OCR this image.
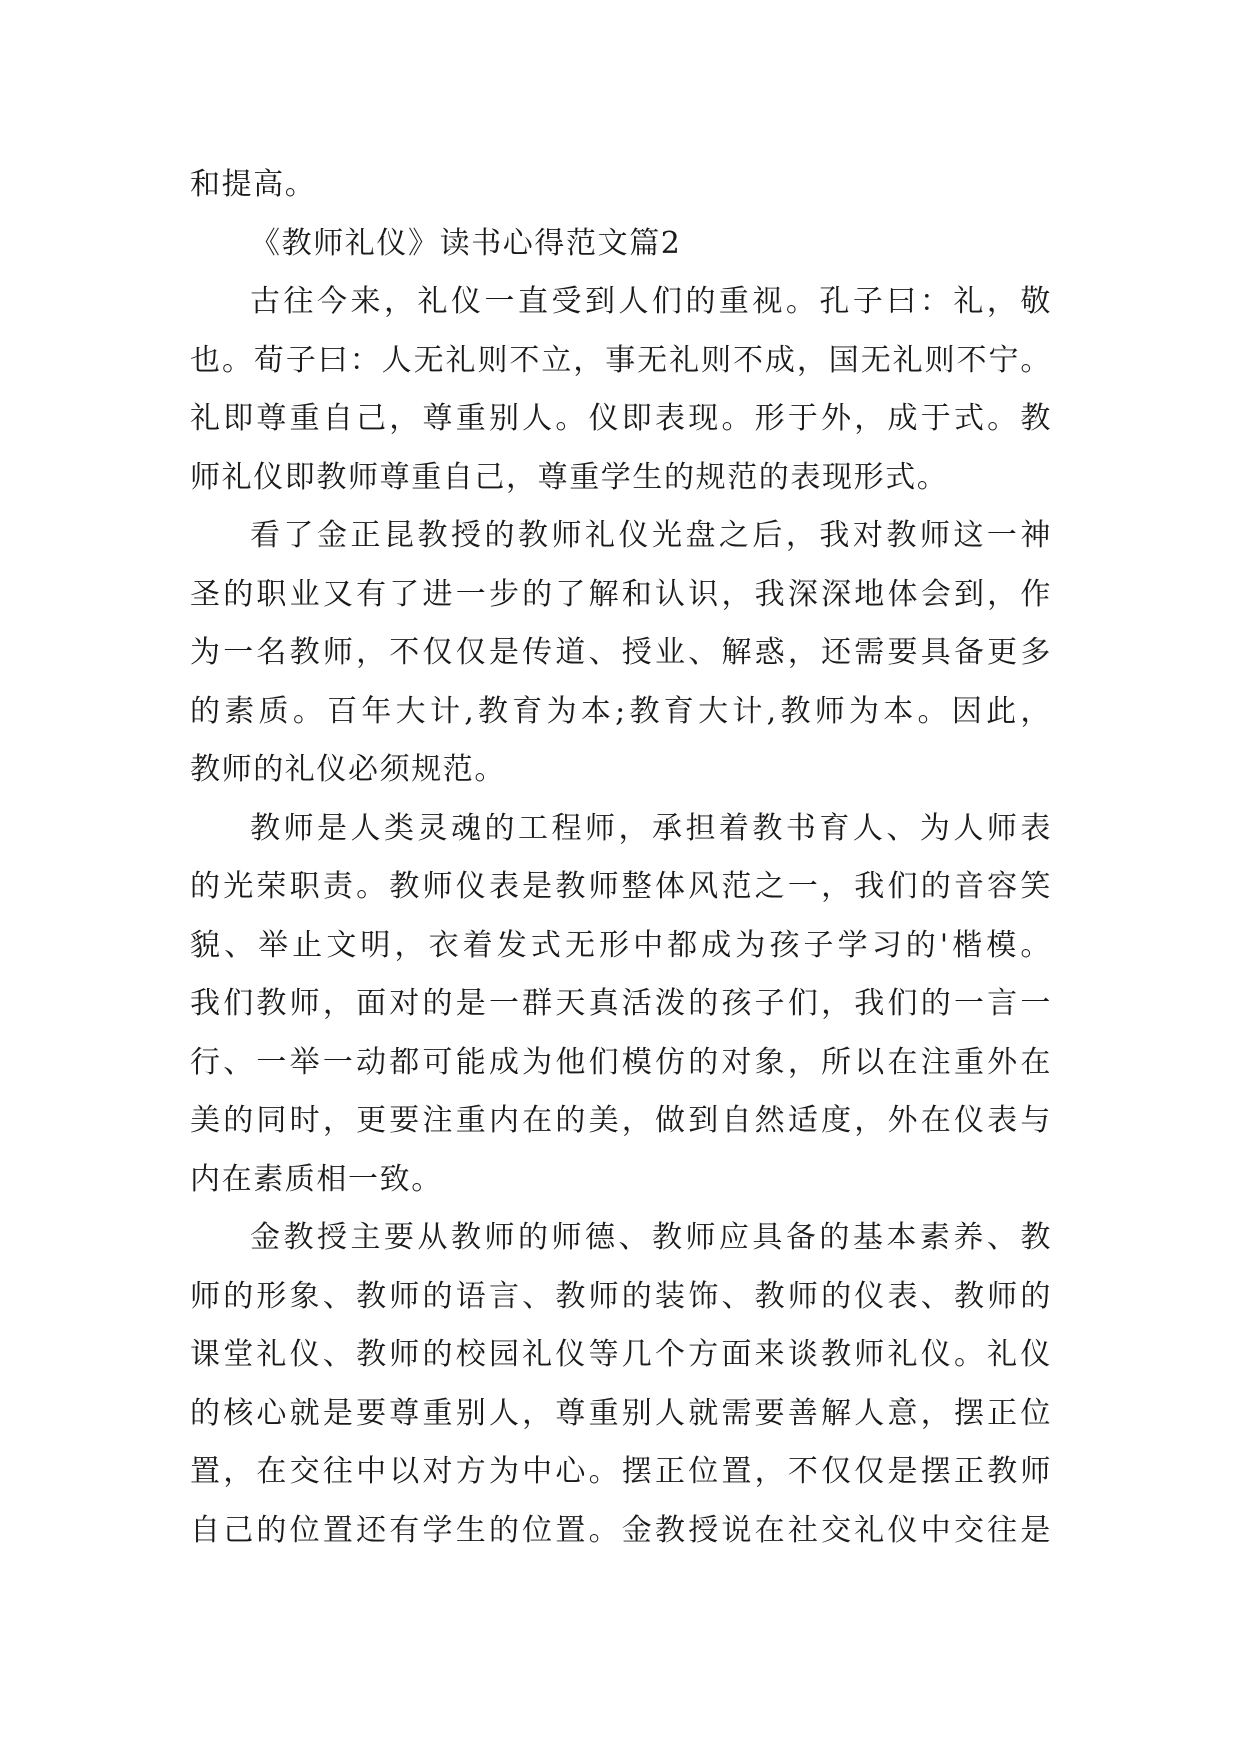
和提高。
《教师礼仪》读书心得范文篇2
古往今来，礼仪一直受到人们的重视。孔子曰：礼，敬
也。荀子曰：人无礼则不立，事无礼则不成，国无礼则不宁。
礼即尊重自己，尊重别人。仪即表现。形于外，成于式。教
师礼仪即教师尊重自己，尊重学生的规范的表现形式。
看了金正昆教授的教师礼仪光盘之后，我对教师这一神
圣的职业又有了进一步的了解和认识，我深深地体会到，作
为一名教师，不仅仅是传道、授业、解惑，还需要具备更多
的素质。百年大计,教育为本;教育大计,教师为本。因此，
教师的礼仪必须规范。
教师是人类灵魂的工程师，承担着教书育人、为人师表
的光荣职责。教师仪表是教师整体风范之一，我们的音容笑
貌、举止文明，衣着发式无形中都成为孩子学习的'楷模。
我们教师，面对的是一群天真活泼的孩子们，我们的一言一
行、一举一动都可能成为他们模仿的对象，所以在注重外在
美的同时，更要注重内在的美，做到自然适度，外在仪表与
内在素质相一致。
金教授主要从教师的师德、教师应具备的基本素养、教
师的形象、教师的语言、教师的装饰、教师的仪表、教师的
课堂礼仪、教师的校园礼仪等几个方面来谈教师礼仪。礼仪
的核心就是要尊重别人，尊重别人就需要善解人意，摆正位
置，在交往中以对方为中心。摆正位置，不仅仅是摆正教师
自己的位置还有学生的位置。金教授说在社交礼仪中交往是
